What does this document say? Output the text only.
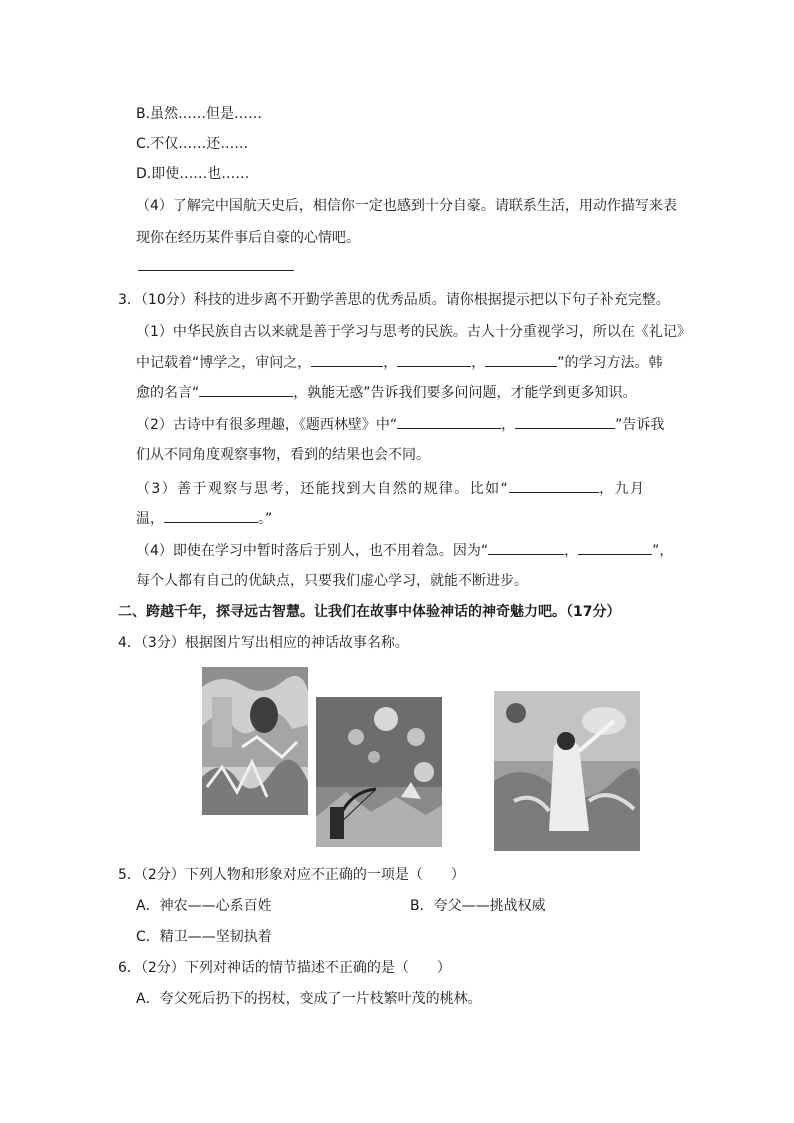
B.虽然……但是……
C.不仅……还……
D.即使……也……
（4）了解完中国航天史后，相信你一定也感到十分自豪。请联系生活，用动作描写来表
现你在经历某件事后自豪的心情吧。
3．（10分）科技的进步离不开勤学善思的优秀品质。请你根据提示把以下句子补充完整。
（1）中华民族自古以来就是善于学习与思考的民族。古人十分重视学习，所以在《礼记》
中记载着“博学之，审问之，	，	，	”的学习方法。韩
愈的名言“	，孰能无惑”告诉我们要多问问题，才能学到更多知识。
（2）古诗中有很多理趣，《题西林壁》中“	，	”告诉我
们从不同角度观察事物，看到的结果也会不同。
（3）善于观察与思考，还能找到大自然的规律。比如“	，九月
温，	。”
（4）即使在学习中暂时落后于别人，也不用着急。因为“	，	”，
每个人都有自己的优缺点，只要我们虚心学习，就能不断进步。
二、跨越千年，探寻远古智慧。让我们在故事中体验神话的神奇魅力吧。（17分）
4．（3分）根据图片写出相应的神话故事名称。
5．（2分）下列人物和形象对应不正确的一项是（　　）
A．神农——心系百姓	B．夸父——挑战权威
C．精卫——坚韧执着
6．（2分）下列对神话的情节描述不正确的是（　　）
A．夸父死后扔下的拐杖，变成了一片枝繁叶茂的桃林。
